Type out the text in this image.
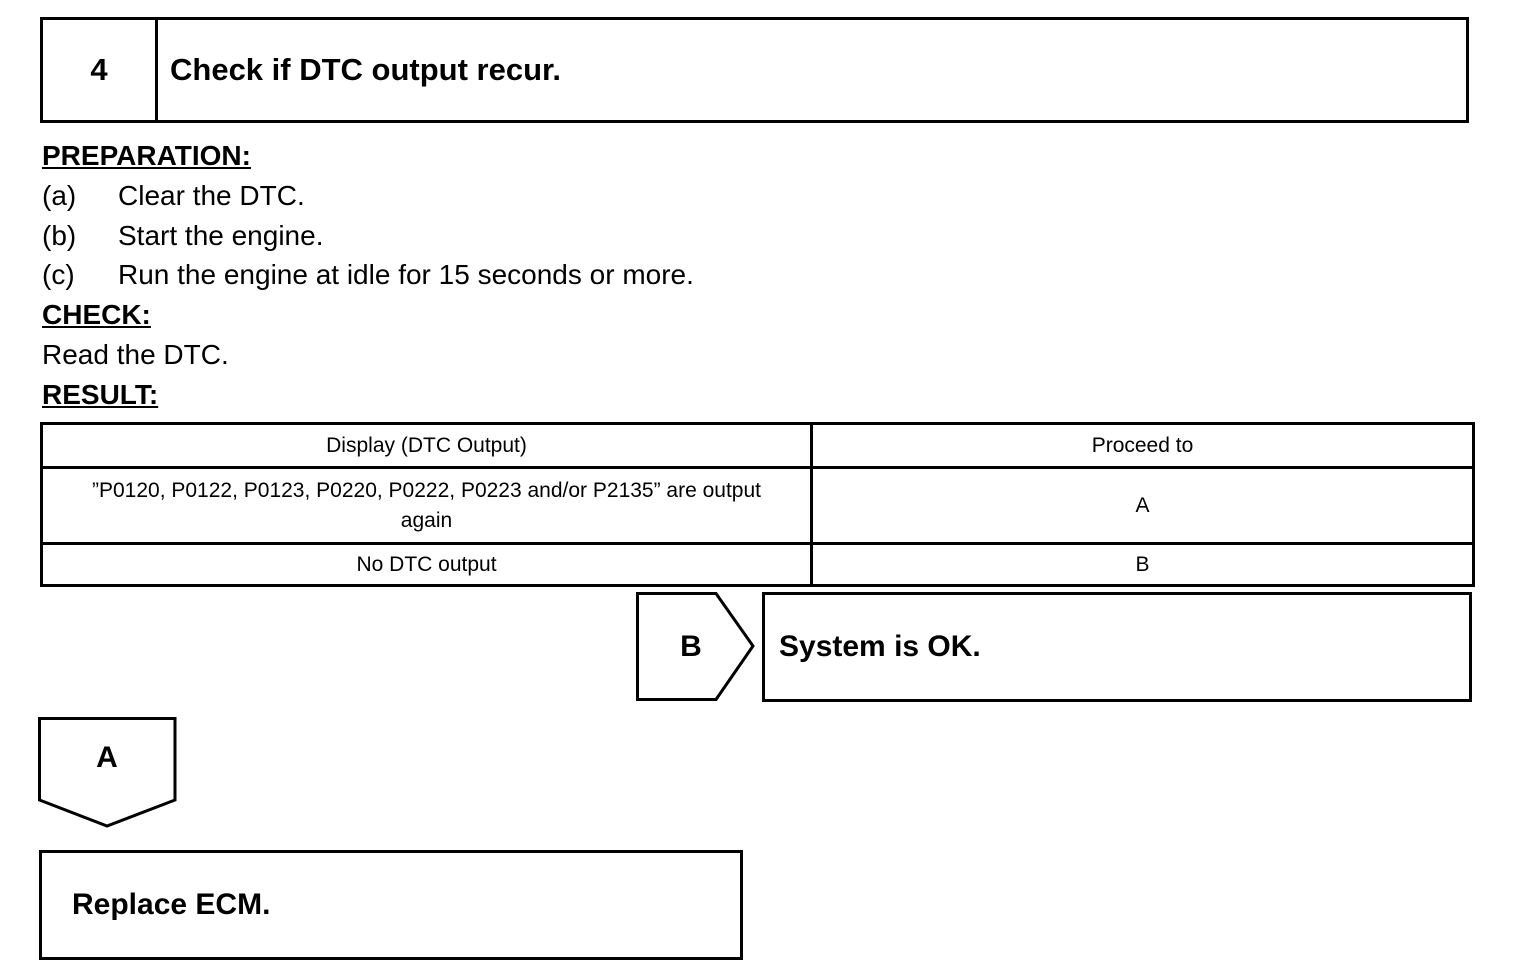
4	Check if DTC output recur.
PREPARATION:
(a) Clear the DTC.
(b) Start the engine.
(c) Run the engine at idle for 15 seconds or more.
CHECK:
Read the DTC.
RESULT:
Display (DTC Output)	Proceed to
”P0120, P0122, P0123, P0220, P0222, P0223 and/or P2135” are output again	A
No DTC output	B
B	System is OK.
A
Replace ECM.
